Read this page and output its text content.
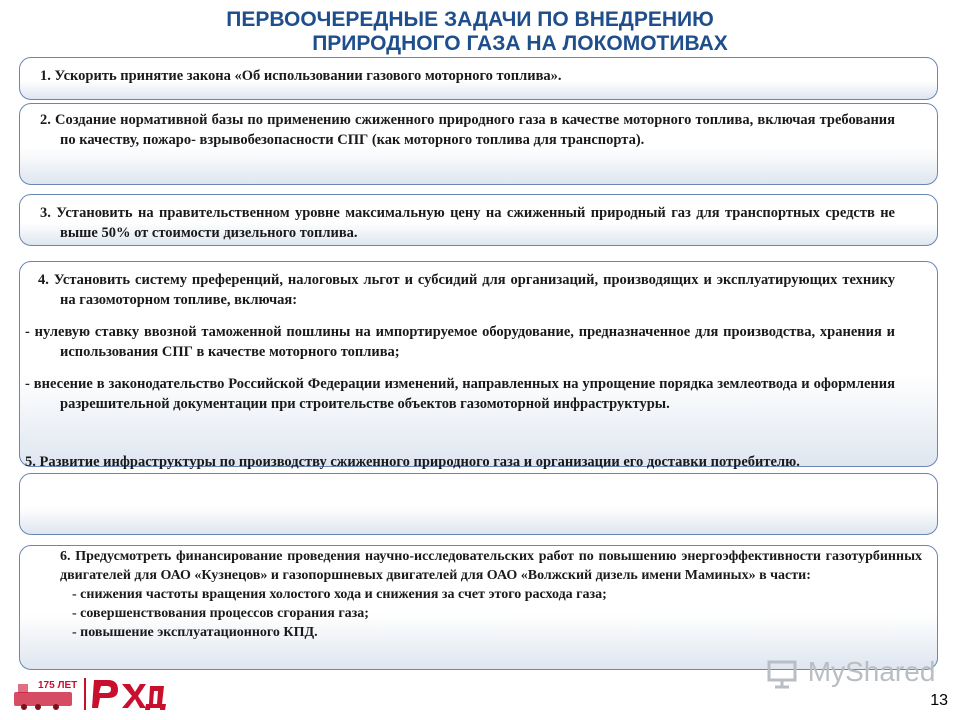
ПЕРВООЧЕРЕДНЫЕ ЗАДАЧИ ПО ВНЕДРЕНИЮ
ПРИРОДНОГО ГАЗА НА ЛОКОМОТИВАХ
1. Ускорить принятие закона «Об использовании газового моторного топлива».
2. Создание нормативной базы по применению сжиженного природного газа в качестве моторного топлива, включая требования по качеству, пожаро- взрывобезопасности СПГ (как моторного топлива для транспорта).
3. Установить на правительственном уровне максимальную цену на сжиженный природный газ для транспортных средств не выше 50% от стоимости дизельного топлива.
4. Установить систему преференций, налоговых льгот и субсидий для организаций, производящих и эксплуатирующих технику на газомоторном топливе, включая:
- нулевую ставку ввозной таможенной пошлины на импортируемое оборудование, предназначенное для производства, хранения и использования СПГ в качестве моторного топлива;
- внесение в законодательство Российской Федерации изменений, направленных на упрощение порядка землеотвода и оформления разрешительной документации при строительстве объектов газомоторной инфраструктуры.
5. Развитие инфраструктуры по производству сжиженного природного газа и организации его доставки потребителю.
6. Предусмотреть финансирование проведения научно-исследовательских работ по повышению энергоэффективности газотурбинных двигателей для ОАО «Кузнецов» и газопоршневых двигателей для ОАО «Волжский дизель имени Маминых» в части:
- снижения частоты вращения холостого хода и снижения за счет этого расхода газа;
- совершенствования процессов сгорания газа;
- повышение эксплуатационного КПД.
175 ЛЕТ
РЖД	MyShared
13
